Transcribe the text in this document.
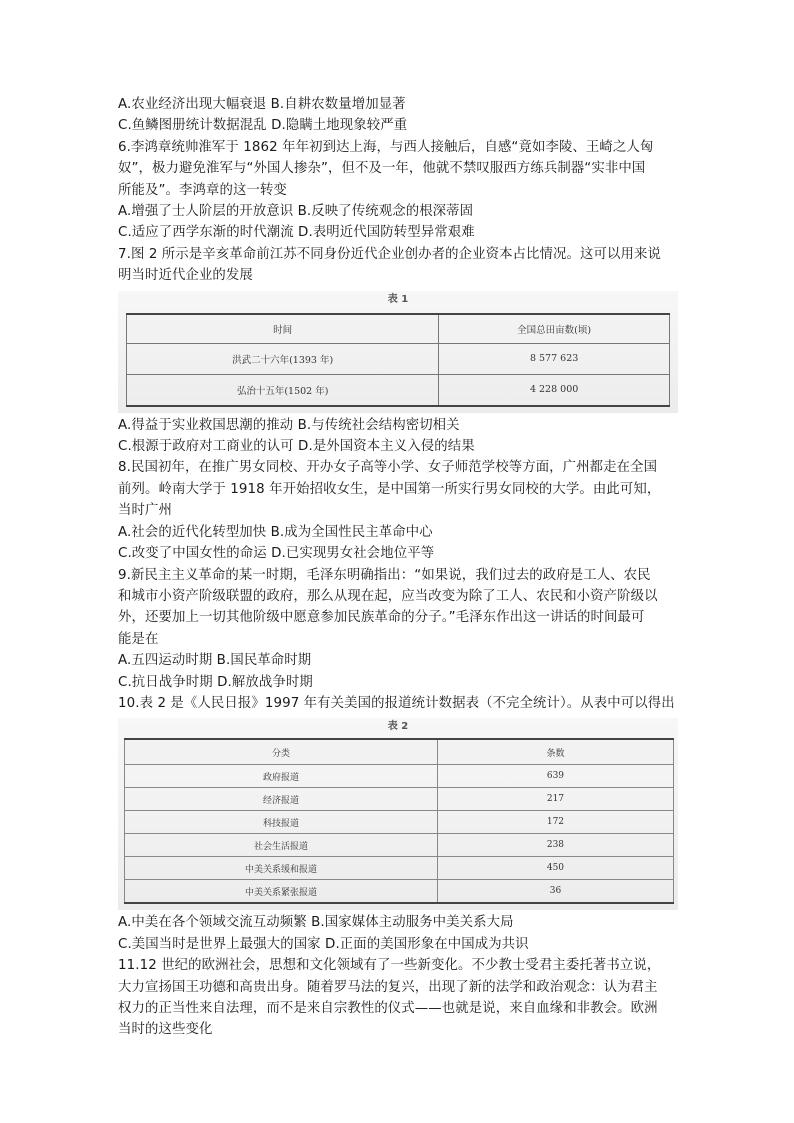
A.农业经济出现大幅衰退 B.自耕农数量增加显著
C.鱼鳞图册统计数据混乱 D.隐瞒土地现象较严重
6.李鸿章统帅淮军于 1862 年年初到达上海，与西人接触后，自感“竟如李陵、王崎之人匈
奴”，极力避免淮军与“外国人掺杂”，但不及一年，他就不禁叹服西方练兵制器“实非中国
所能及”。李鸿章的这一转变
A.增强了士人阶层的开放意识 B.反映了传统观念的根深蒂固
C.适应了西学东渐的时代潮流 D.表明近代国防转型异常艰难
7.图 2 所示是辛亥革命前江苏不同身份近代企业创办者的企业资本占比情况。这可以用来说
明当时近代企业的发展
表 1
时间	全国总田亩数(顷)
洪武二十六年(1393 年)	8 577 623
弘治十五年(1502 年)	4 228 000
A.得益于实业救国思潮的推动 B.与传统社会结构密切相关
C.根源于政府对工商业的认可 D.是外国资本主义入侵的结果
8.民国初年，在推广男女同校、开办女子高等小学、女子师范学校等方面，广州都走在全国
前列。岭南大学于 1918 年开始招收女生，是中国第一所实行男女同校的大学。由此可知，
当时广州
A.社会的近代化转型加快 B.成为全国性民主革命中心
C.改变了中国女性的命运 D.已实现男女社会地位平等
9.新民主主义革命的某一时期，毛泽东明确指出：“如果说，我们过去的政府是工人、农民
和城市小资产阶级联盟的政府，那么从现在起，应当改变为除了工人、农民和小资产阶级以
外，还要加上一切其他阶级中愿意参加民族革命的分子。”毛泽东作出这一讲话的时间最可
能是在
A.五四运动时期 B.国民革命时期
C.抗日战争时期 D.解放战争时期
10.表 2 是《人民日报》1997 年有关美国的报道统计数据表（不完全统计）。从表中可以得出
表 2
分类	条数
政府报道	639
经济报道	217
科技报道	172
社会生活报道	238
中美关系缓和报道	450
中美关系紧张报道	36
A.中美在各个领域交流互动频繁 B.国家媒体主动服务中美关系大局
C.美国当时是世界上最强大的国家 D.正面的美国形象在中国成为共识
11.12 世纪的欧洲社会，思想和文化领域有了一些新变化。不少教士受君主委托著书立说，
大力宣扬国王功德和高贵出身。随着罗马法的复兴，出现了新的法学和政治观念：认为君主
权力的正当性来自法理，而不是来自宗教性的仪式——也就是说，来自血缘和非教会。欧洲
当时的这些变化
